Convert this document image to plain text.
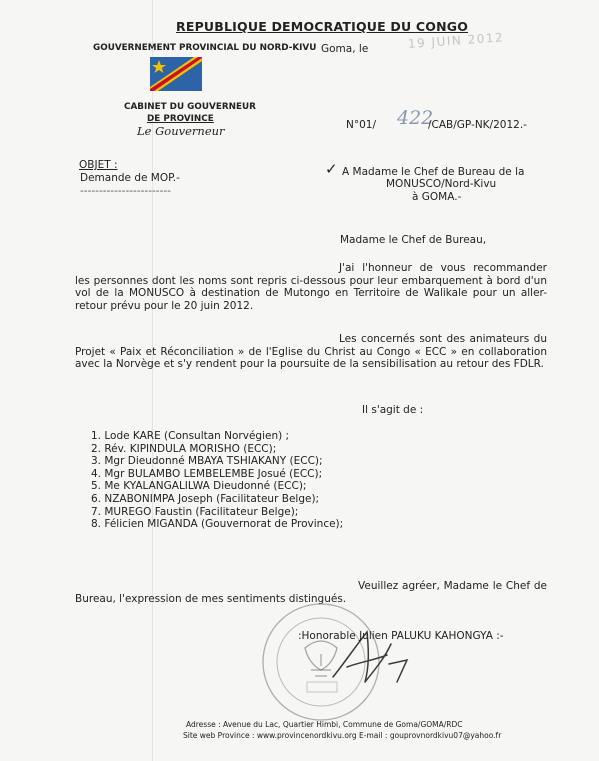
REPUBLIQUE DEMOCRATIQUE DU CONGO
GOUVERNEMENT PROVINCIAL DU NORD-KIVU
CABINET DU GOUVERNEUR
DE PROVINCE
Le Gouverneur
Goma, le	19 JUIN 2012
N°01/ 422
/CAB/GP-NK/2012.-
OBJET :
Demande de MOP.-
------------------------
✓ A Madame le Chef de Bureau de la
MONUSCO/Nord-Kivu
à GOMA.-
Madame le Chef de Bureau,
J'ai l'honneur de vous recommander les personnes dont les noms sont repris ci-dessous pour leur embarquement à bord d'un vol de la MONUSCO à destination de Mutongo en Territoire de Walikale pour un aller-retour prévu pour le 20 juin 2012.
Les concernés sont des animateurs du Projet « Paix et Réconciliation » de l'Eglise du Christ au Congo « ECC » en collaboration avec la Norvège et s'y rendent pour la poursuite de la sensibilisation au retour des FDLR.
Il s'agit de :
1. Lode KARE (Consultan Norvégien) ;
2. Rév. KIPINDULA MORISHO (ECC);
3. Mgr Dieudonné MBAYA TSHIAKANY (ECC);
4. Mgr BULAMBO LEMBELEMBE Josué (ECC);
5. Me KYALANGALILWA Dieudonné (ECC);
6. NZABONIMPA Joseph (Facilitateur Belge);
7. MUREGO Faustin (Facilitateur Belge);
8. Félicien MIGANDA (Gouvernorat de Province);
Veuillez agréer, Madame le Chef de Bureau, l'expression de mes sentiments distingués.
:Honorable Julien PALUKU KAHONGYA :-
Adresse : Avenue du Lac, Quartier Himbi, Commune de Goma/GOMA/RDC
Site web Province : www.provincenordkivu.org E-mail : gouprovnordkivu07@yahoo.fr
